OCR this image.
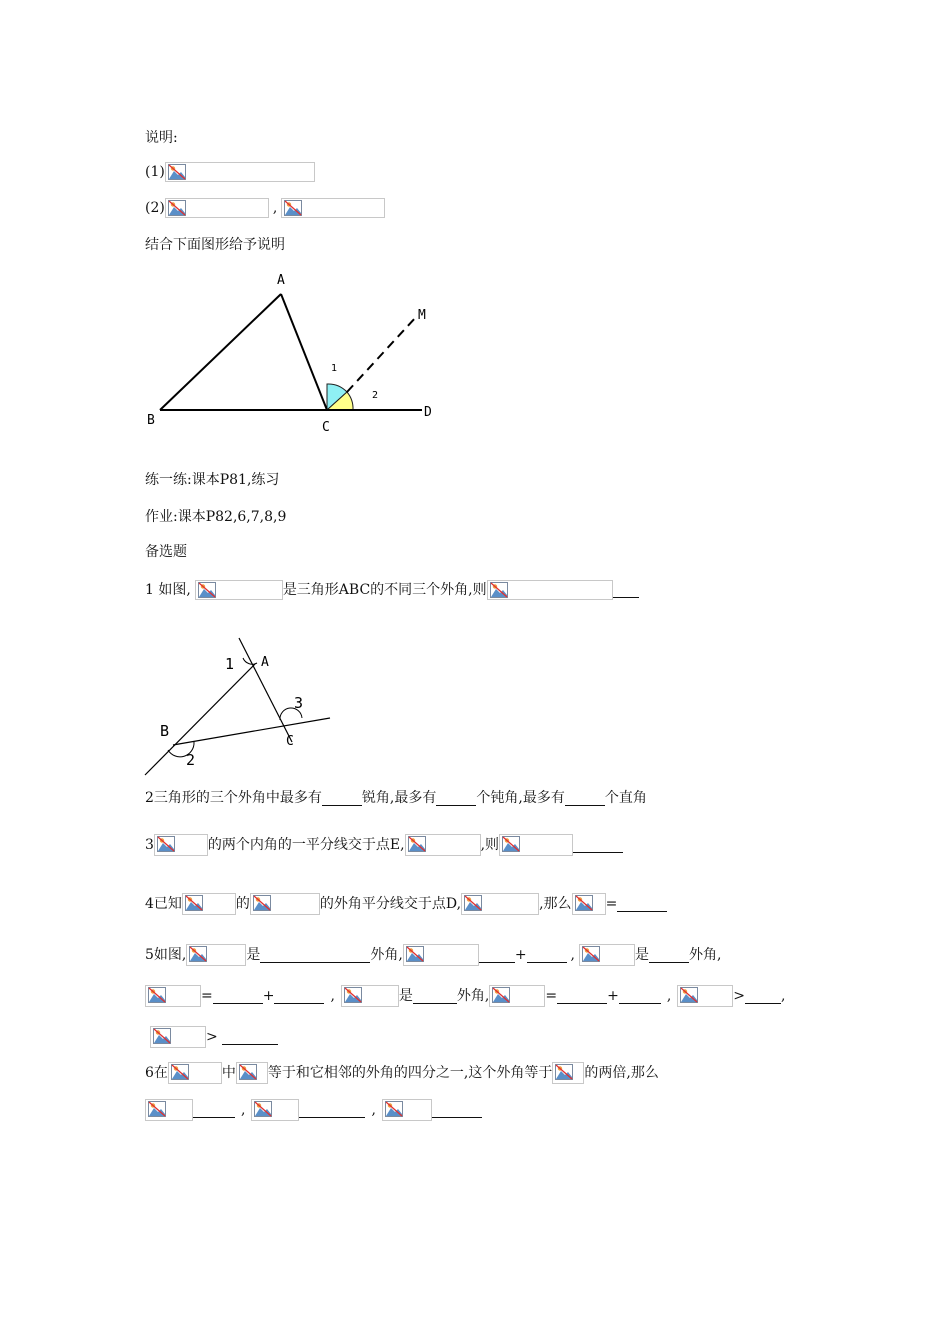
说明:
(1)
(2)	,
结合下面图形给予说明
A
B	C
D
M
1
2
练一练:课本P81,练习
作业:课本P82,6,7,8,9
备选题
1 如图,	是三角形ABC的不同三个外角,则
1 A
B
2
C
3
2三角形的三个外角中最多有	锐角,最多有	个钝角,最多有	个直角
3	的两个内角的一平分线交于点E,	,则
4已知	的	的外角平分线交于点D,	,那么 =
5如图,	是	外角,	+	,	是	外角,
=	+	,	是	外角,	=	+	,	>	,
>
6在	中 等于和它相邻的外角的四分之一,这个外角等于 的两倍,那么
,	,
